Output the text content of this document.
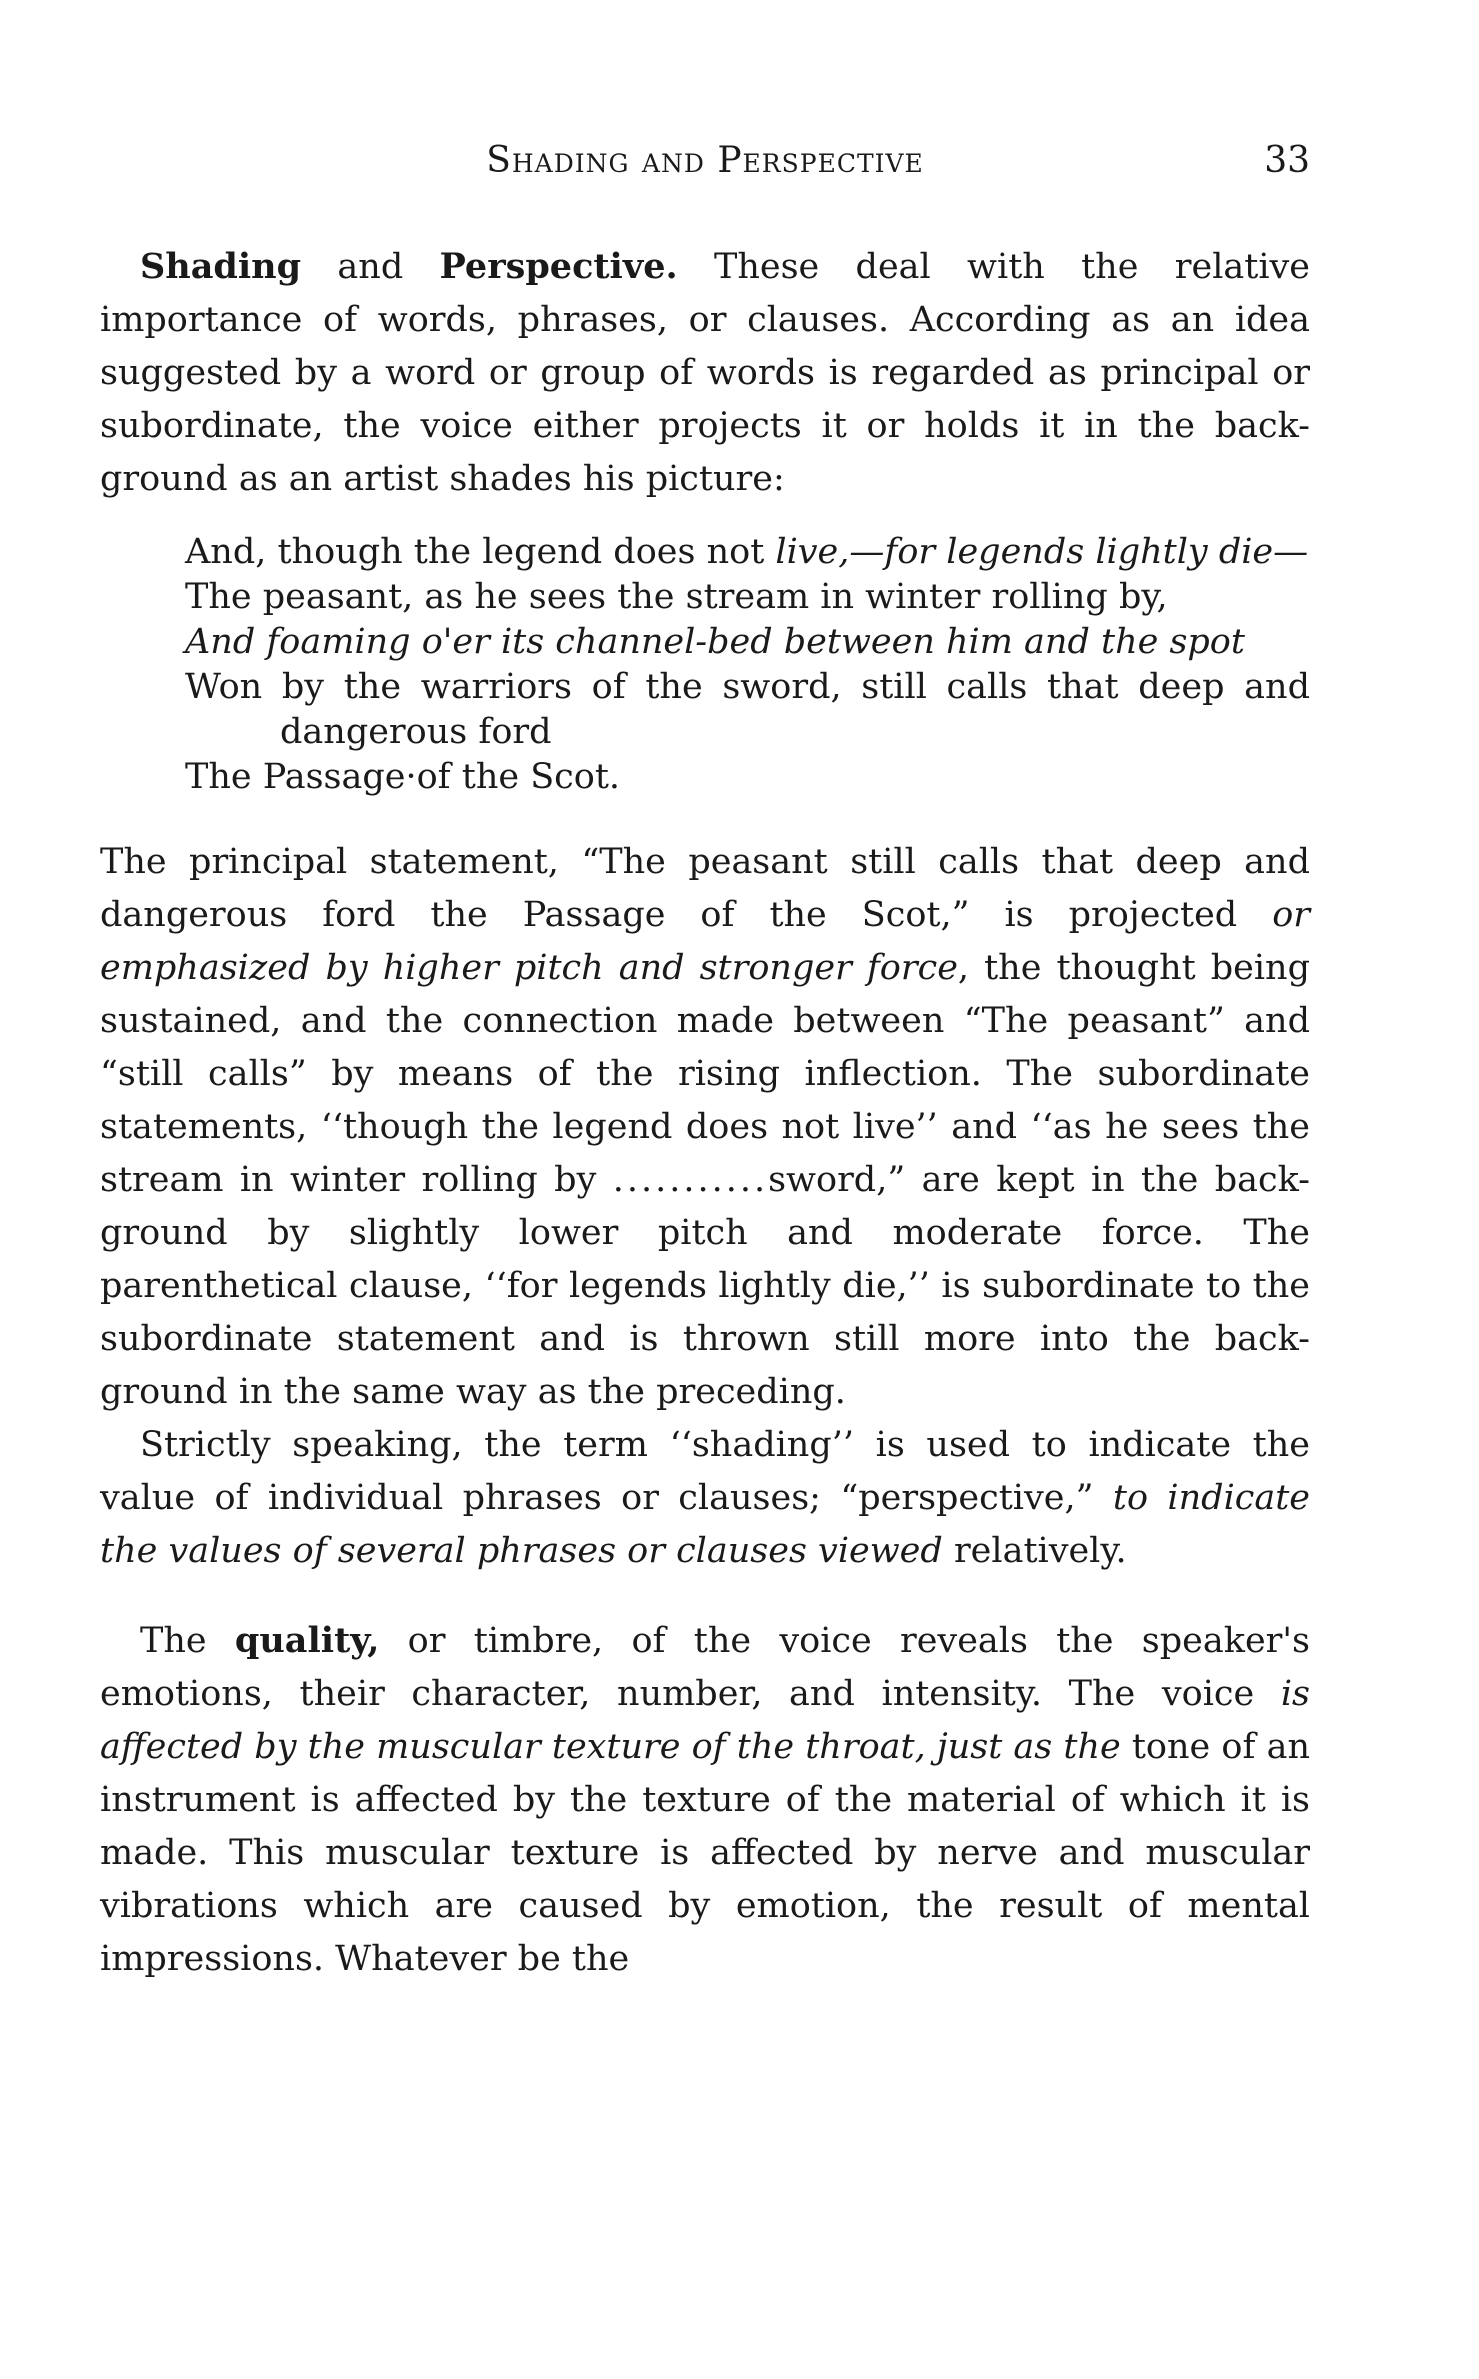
Shading and Perspective	33

Shading and Perspective. These deal with the relative importance of words, phrases, or clauses. According as an idea suggested by a word or group of words is regarded as principal or subordinate, the voice either projects it or holds it in the back-ground as an artist shades his picture:

And, though the legend does not live,—for legends lightly die—
The peasant, as he sees the stream in winter rolling by,
And foaming o'er its channel-bed between him and the spot
Won by the warriors of the sword, still calls that deep and dangerous ford
The Passage·of the Scot.

The principal statement, “The peasant still calls that deep and dangerous ford the Passage of the Scot,” is projected or emphasized by higher pitch and stronger force, the thought being sustained, and the connection made between “The peasant” and “still calls” by means of the rising inflection. The subordinate statements, ‘‘though the legend does not live’’ and ‘‘as he sees the stream in winter rolling by ...........sword,” are kept in the back-ground by slightly lower pitch and moderate force. The parenthetical clause, ‘‘for legends lightly die,’’ is subordinate to the subordinate statement and is thrown still more into the back-ground in the same way as the preceding.

Strictly speaking, the term ‘‘shading’’ is used to indicate the value of individual phrases or clauses; “perspective,” to indicate the values of several phrases or clauses viewed relatively.

The quality, or timbre, of the voice reveals the speaker's emotions, their character, number, and intensity. The voice is affected by the muscular texture of the throat, just as the tone of an instrument is affected by the texture of the material of which it is made. This muscular texture is affected by nerve and muscular vibrations which are caused by emotion, the result of mental impressions. Whatever be the
